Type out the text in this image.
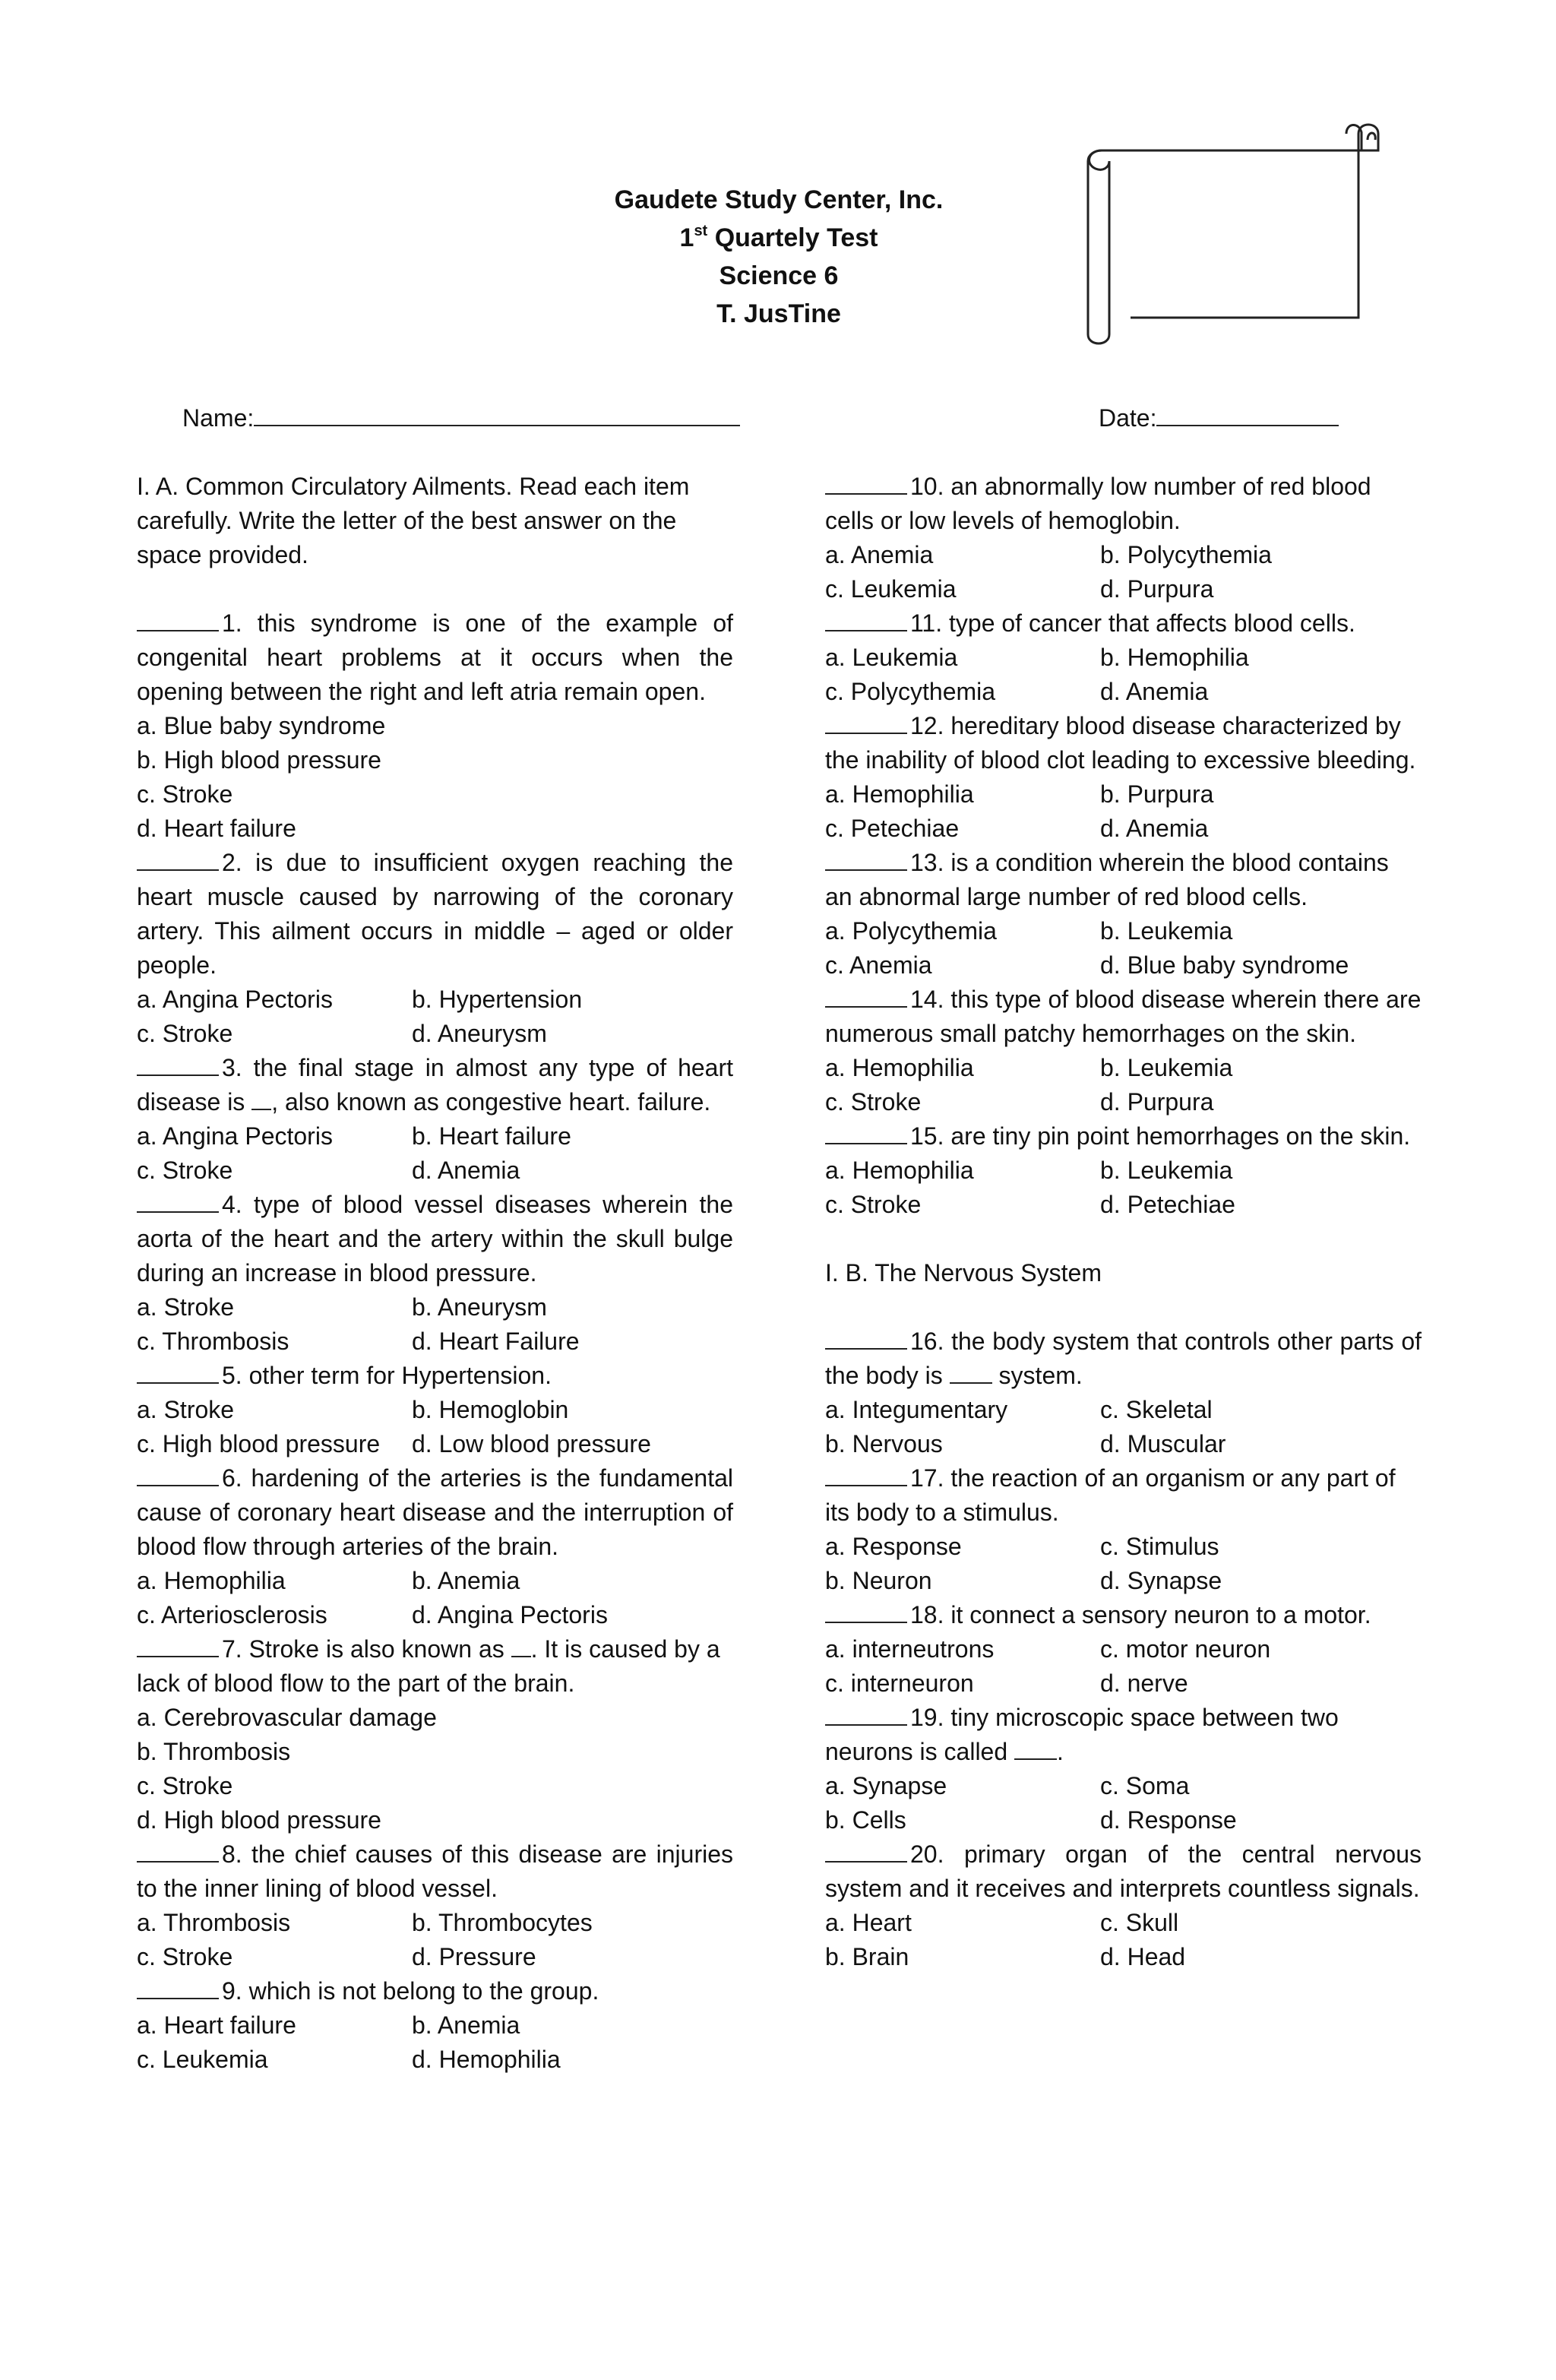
Gaudete Study Center, Inc.
1st Quartely Test
Science 6
T. JusTine
Name:	Date:

I. A. Common Circulatory Ailments. Read each item carefully. Write the letter of the best answer on the space provided.

1. this syndrome is one of the example of congenital heart problems at it occurs when the opening between the right and left atria remain open.

a. Blue baby syndrome

b. High blood pressure

c. Stroke

d. Heart failure

2. is due to insufficient oxygen reaching the heart muscle caused by narrowing of the coronary artery. This ailment occurs in middle – aged or older people.

a. Angina Pectoris	b. Hypertension
c. Stroke	d. Aneurysm

3. the final stage in almost any type of heart disease is , also known as congestive heart. failure.

a. Angina Pectoris	b. Heart failure
c. Stroke	d. Anemia

4. type of blood vessel diseases wherein the aorta of the heart and the artery within the skull bulge during an increase in blood pressure.

a. Stroke	b. Aneurysm
c. Thrombosis	d. Heart Failure

5. other term for Hypertension.

a. Stroke	b. Hemoglobin
c. High blood pressure	d. Low blood pressure

6. hardening of the arteries is the fundamental cause of coronary heart disease and the interruption of blood flow through arteries of the brain.

a. Hemophilia	b. Anemia
c. Arteriosclerosis	d. Angina Pectoris

7. Stroke is also known as . It is caused by a lack of blood flow to the part of the brain.

a. Cerebrovascular damage

b. Thrombosis

c. Stroke

d. High blood pressure

8. the chief causes of this disease are injuries to the inner lining of blood vessel.

a. Thrombosis	b. Thrombocytes
c. Stroke	d. Pressure

9. which is not belong to the group.

a. Heart failure	b. Anemia
c. Leukemia	d. Hemophilia

10. an abnormally low number of red blood cells or low levels of hemoglobin.

a. Anemia	b. Polycythemia
c. Leukemia	d. Purpura

11. type of cancer that affects blood cells.

a. Leukemia	b. Hemophilia
c. Polycythemia	d. Anemia

12. hereditary blood disease characterized by the inability of blood clot leading to excessive bleeding.

a. Hemophilia	b. Purpura
c. Petechiae	d. Anemia

13. is a condition wherein the blood contains an abnormal large number of red blood cells.

a. Polycythemia	b. Leukemia
c. Anemia	d. Blue baby syndrome

14. this type of blood disease wherein there are numerous small patchy hemorrhages on the skin.

a. Hemophilia	b. Leukemia
c. Stroke	d. Purpura

15. are tiny pin point hemorrhages on the skin.

a. Hemophilia	b. Leukemia
c. Stroke	d. Petechiae

I. B. The Nervous System

16. the body system that controls other parts of the body is  system.

a. Integumentary	c. Skeletal
b. Nervous	d. Muscular

17. the reaction of an organism or any part of its body to a stimulus.

a. Response	c. Stimulus
b. Neuron	d. Synapse

18. it connect a sensory neuron to a motor.

a. interneutrons	c. motor neuron
c. interneuron	d. nerve

19. tiny microscopic space between two neurons is called .

a. Synapse	c. Soma
b. Cells	d. Response

20. primary organ of the central nervous system and it receives and interprets countless signals.

a. Heart	c. Skull
b. Brain	d. Head
